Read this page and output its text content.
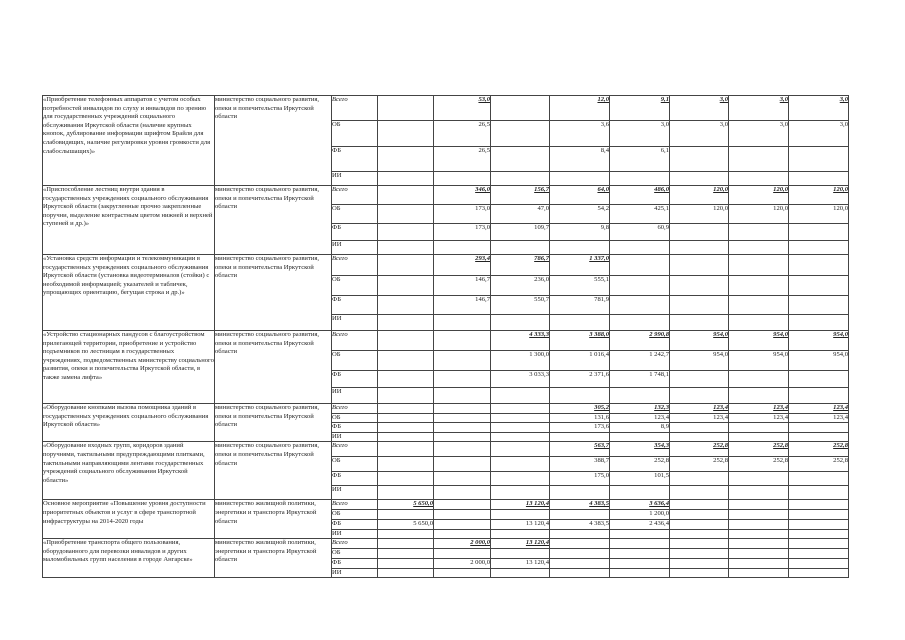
«Приобретение телефонных аппаратов с учетом особых потребностей инвалидов по слуху и инвалидов по зрению для государственных учреждений социального обслуживания Иркутской области (наличие крупных кнопок, дублирование информации шрифтом Брайля для слабовидящих, наличие регулировки уровня громкости для слабослышащих)»	министерство социального развития, опеки и попечительства Иркутской области	Всего		53,0		12,0	9,1	3,0	3,0	3,0
		ОБ		26,5		3,6	3,0	3,0	3,0	3,0
		ФБ		26,5		8,4	6,1			
		ИИ								
«Приспособление лестниц внутри здания в государственных учреждениях социального обслуживания Иркутской области (закругленные прочно закрепленные поручни, выделение контрастным цветом нижней и верхней ступеней и др.)»	министерство социального развития, опеки и попечительства Иркутской области	Всего		346,0	156,7	64,0	486,0	120,0	120,0	120,0
		ОБ		173,0	47,0	54,2	425,1	120,0	120,0	120,0
		ФБ		173,0	109,7	9,8	60,9			
		ИИ								
«Установка средств информации и телекоммуникации в государственных учреждениях социального обслуживания Иркутской области (установка видеотерминалов (стойки) с необходимой информацией; указателей и табличек, упрощающих ориентацию, бегущая строка и др.)»	министерство социального развития, опеки и попечительства Иркутской области	Всего		293,4	786,7	1 337,0				
		ОБ		146,7	236,0	555,1				
		ФБ		146,7	550,7	781,9				
		ИИ								
«Устройство стационарных пандусов с благоустройством прилегающей территории, приобретение и устройство подъемников по лестницам в государственных учреждениях, подведомственных министерству социального развития, опеки и попечительства Иркутской области, в также замена лифта»	министерство социального развития, опеки и попечительства Иркутской области	Всего			4 333,3	3 388,0	2 990,8	954,0	954,0	954,0
		ОБ			1 300,0	1 016,4	1 242,7	954,0	954,0	954,0
		ФБ			3 033,3	2 371,6	1 748,1			
		ИИ								
«Оборудование кнопками вызова помощника зданий в государственных учреждениях социального обслуживания Иркутской области»	министерство социального развития, опеки и попечительства Иркутской области	Всего				305,2	132,3	123,4	123,4	123,4
		ОБ				131,6	123,4	123,4	123,4	123,4
		ФБ				173,6	8,9			
		ИИ								
«Оборудование входных групп, коридоров зданий поручнями, тактильными предупреждающими плитками, тактильными направляющими лентами государственных учреждений социального обслуживания Иркутской области»	министерство социального развития, опеки и попечительства Иркутской области	Всего				563,7	354,3	252,8	252,8	252,8
		ОБ				388,7	252,8	252,8	252,8	252,8
		ФБ				175,0	101,5			
		ИИ								
Основное мероприятие «Повышение уровня доступности приоритетных объектов и услуг в сфере транспортной инфраструктуры на 2014-2020 годы	министерство жилищной политики, энергетики и транспорта Иркутской области	Всего	5 650,0		13 120,4	4 383,5	3 636,4			
		ОБ					1 200,0			
		ФБ	5 650,0		13 120,4	4 383,5	2 436,4			
		ИИ								
«Приобретение транспорта общего пользования, оборудованного для перевозки инвалидов и других маломобильных групп населения в городе Ангарске»	министерство жилищной политики, энергетики и транспорта Иркутской области	Всего		2 000,0	13 120,4					
		ОБ								
		ФБ		2 000,0	13 120,4					
		ИИ								
